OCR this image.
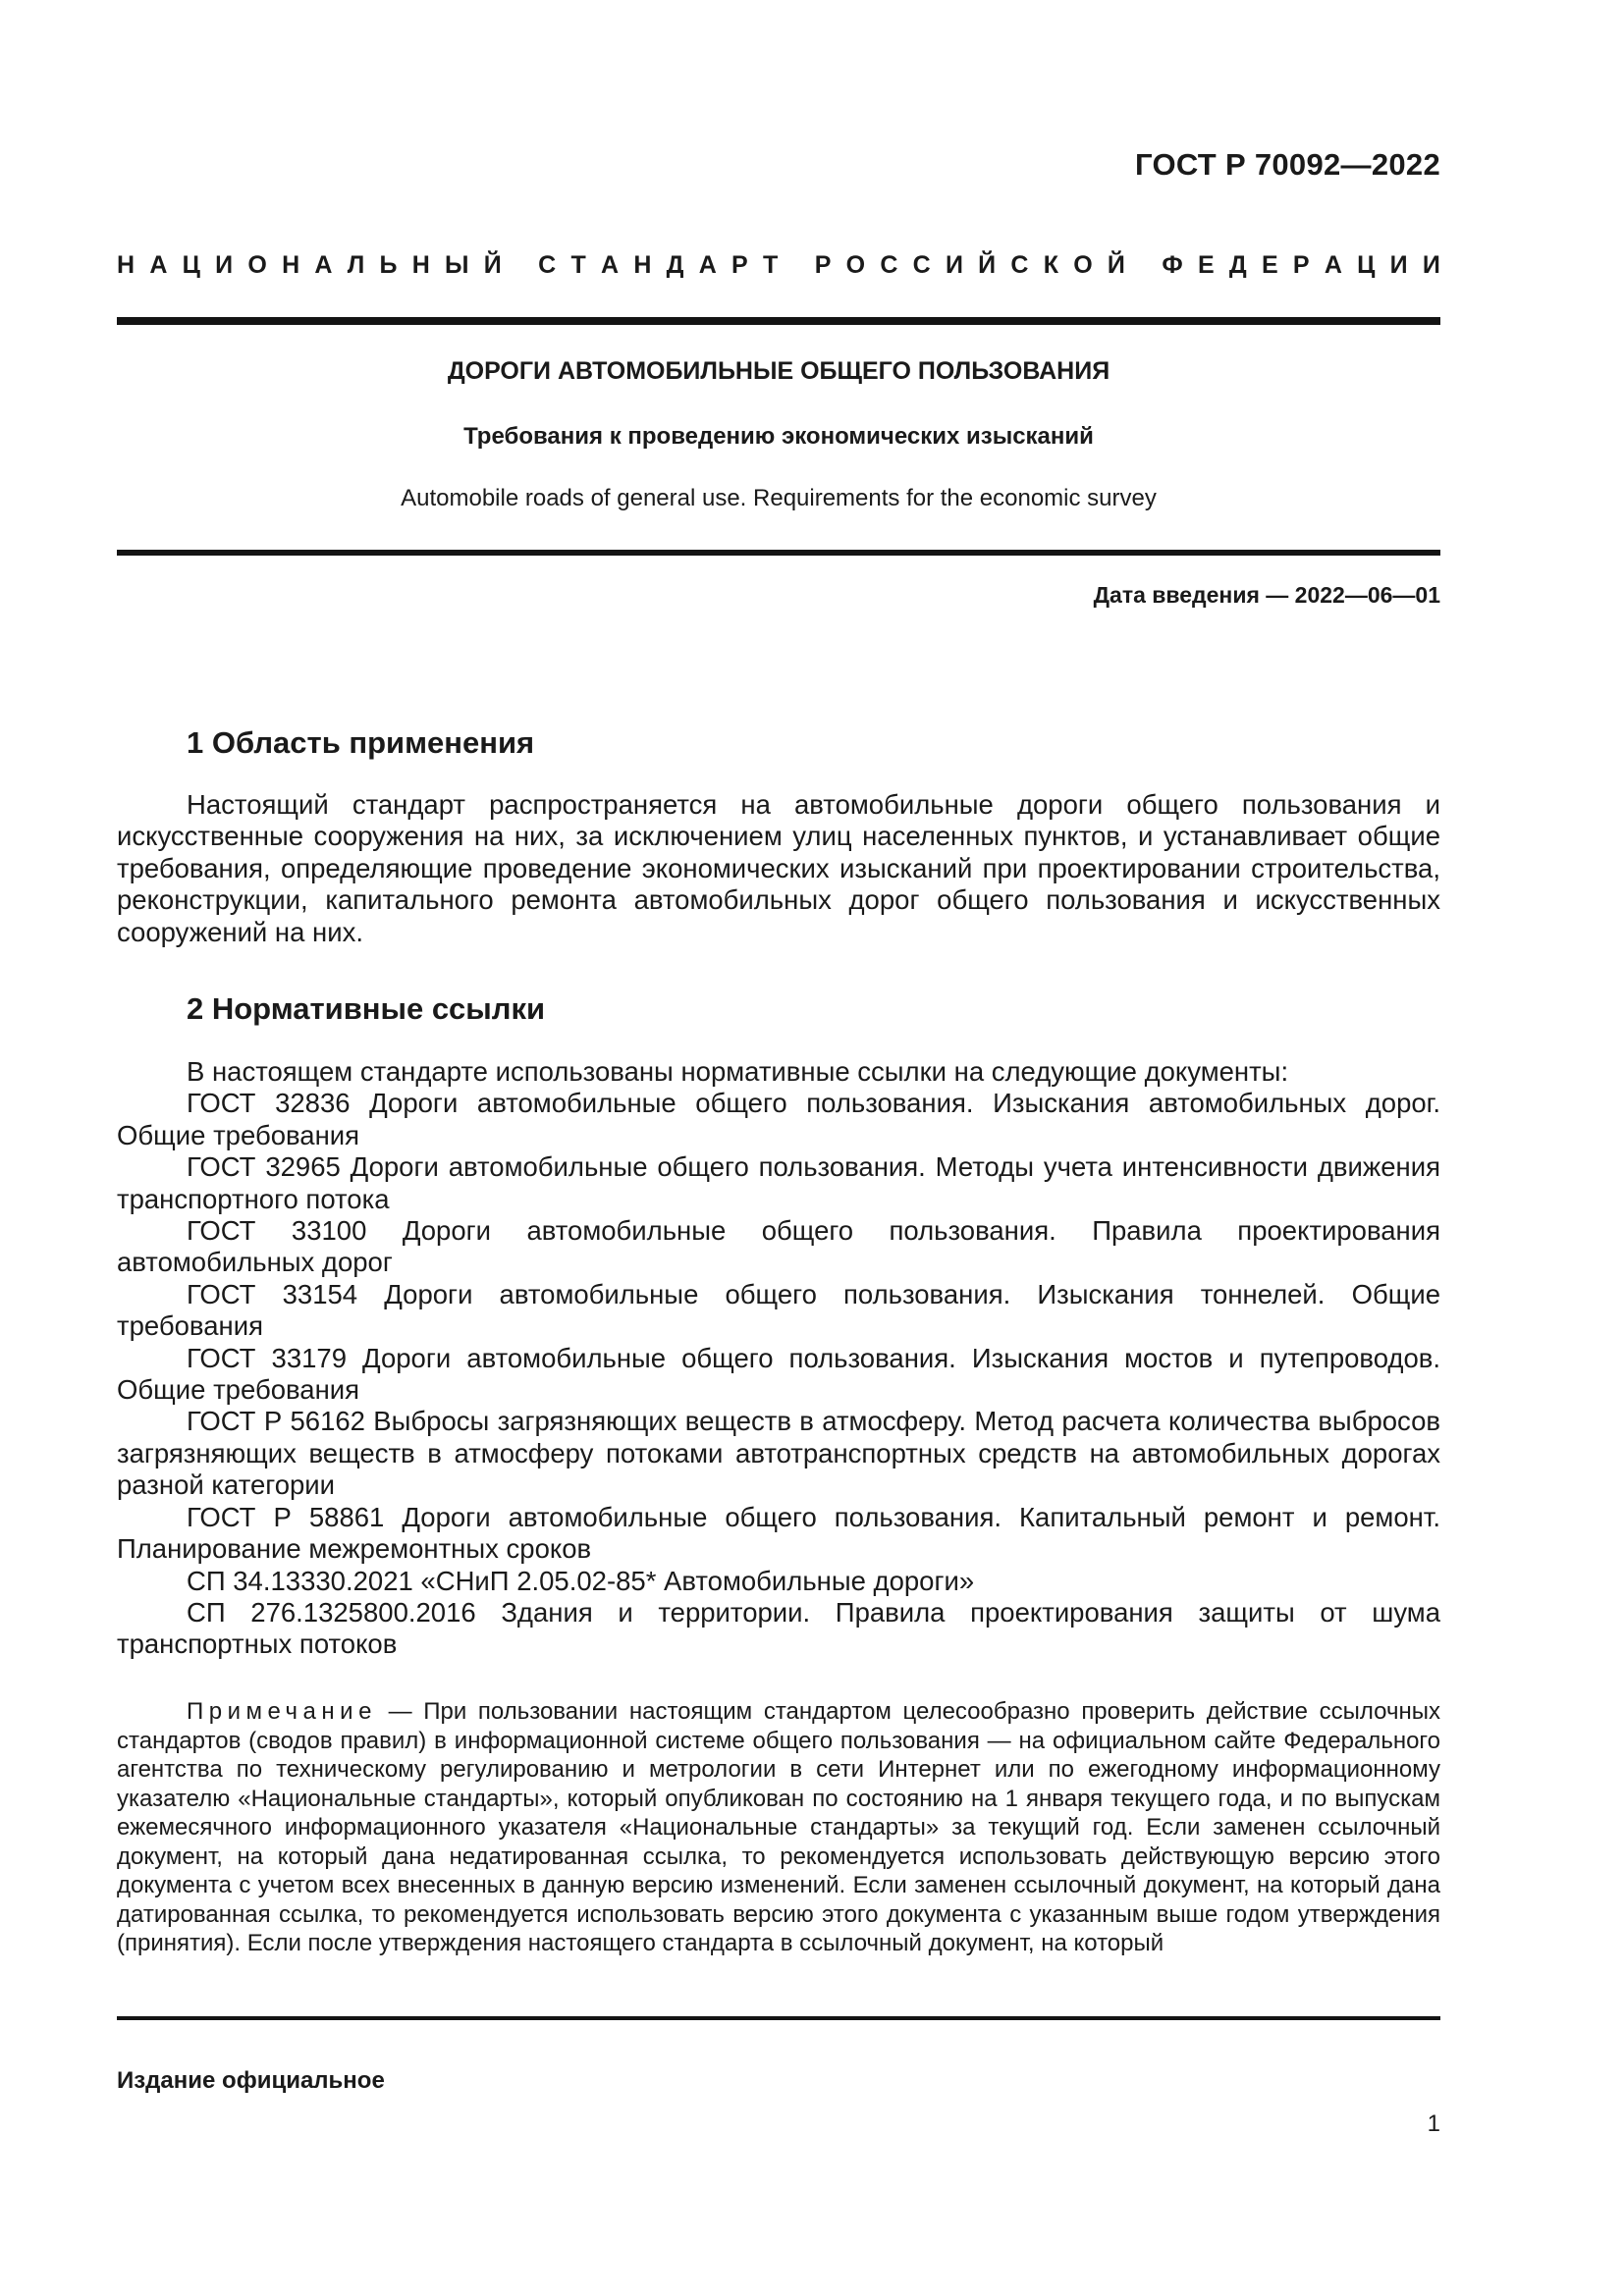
ГОСТ Р 70092—2022
Н А Ц И О Н А Л Ь Н Ы Й
С Т А Н Д А Р Т
Р О С С И Й С К О Й
Ф Е Д Е Р А Ц И И
ДОРОГИ АВТОМОБИЛЬНЫЕ ОБЩЕГО ПОЛЬЗОВАНИЯ
Требования к проведению экономических изысканий
Automobile roads of general use. Requirements for the economic survey
Дата введения — 2022—06—01
1 Область применения

Настоящий стандарт распространяется на автомобильные дороги общего пользования и искусственные сооружения на них, за исключением улиц населенных пунктов, и устанавливает общие требования, определяющие проведение экономических изысканий при проектировании строительства, реконструкции, капитального ремонта автомобильных дорог общего пользования и искусственных сооружений на них.

2 Нормативные ссылки

В настоящем стандарте использованы нормативные ссылки на следующие документы:

ГОСТ 32836 Дороги автомобильные общего пользования. Изыскания автомобильных дорог. Общие требования

ГОСТ 32965 Дороги автомобильные общего пользования. Методы учета интенсивности движения транспортного потока

ГОСТ 33100 Дороги автомобильные общего пользования. Правила проектирования автомобильных дорог

ГОСТ 33154 Дороги автомобильные общего пользования. Изыскания тоннелей. Общие требования

ГОСТ 33179 Дороги автомобильные общего пользования. Изыскания мостов и путепроводов. Общие требования

ГОСТ Р 56162 Выбросы загрязняющих веществ в атмосферу. Метод расчета количества выбросов загрязняющих веществ в атмосферу потоками автотранспортных средств на автомобильных дорогах разной категории

ГОСТ Р 58861 Дороги автомобильные общего пользования. Капитальный ремонт и ремонт. Планирование межремонтных сроков

СП 34.13330.2021 «СНиП 2.05.02-85* Автомобильные дороги»

СП 276.1325800.2016 Здания и территории. Правила проектирования защиты от шума транспортных потоков

Примечание — При пользовании настоящим стандартом целесообразно проверить действие ссылочных стандартов (сводов правил) в информационной системе общего пользования — на официальном сайте Федерального агентства по техническому регулированию и метрологии в сети Интернет или по ежегодному информационному указателю «Национальные стандарты», который опубликован по состоянию на 1 января текущего года, и по выпускам ежемесячного информационного указателя «Национальные стандарты» за текущий год. Если заменен ссылочный документ, на который дана недатированная ссылка, то рекомендуется использовать действующую версию этого документа с учетом всех внесенных в данную версию изменений. Если заменен ссылочный документ, на который дана датированная ссылка, то рекомендуется использовать версию этого документа с указанным выше годом утверждения (принятия). Если после утверждения настоящего стандарта в ссылочный документ, на который

Издание официальное
1
